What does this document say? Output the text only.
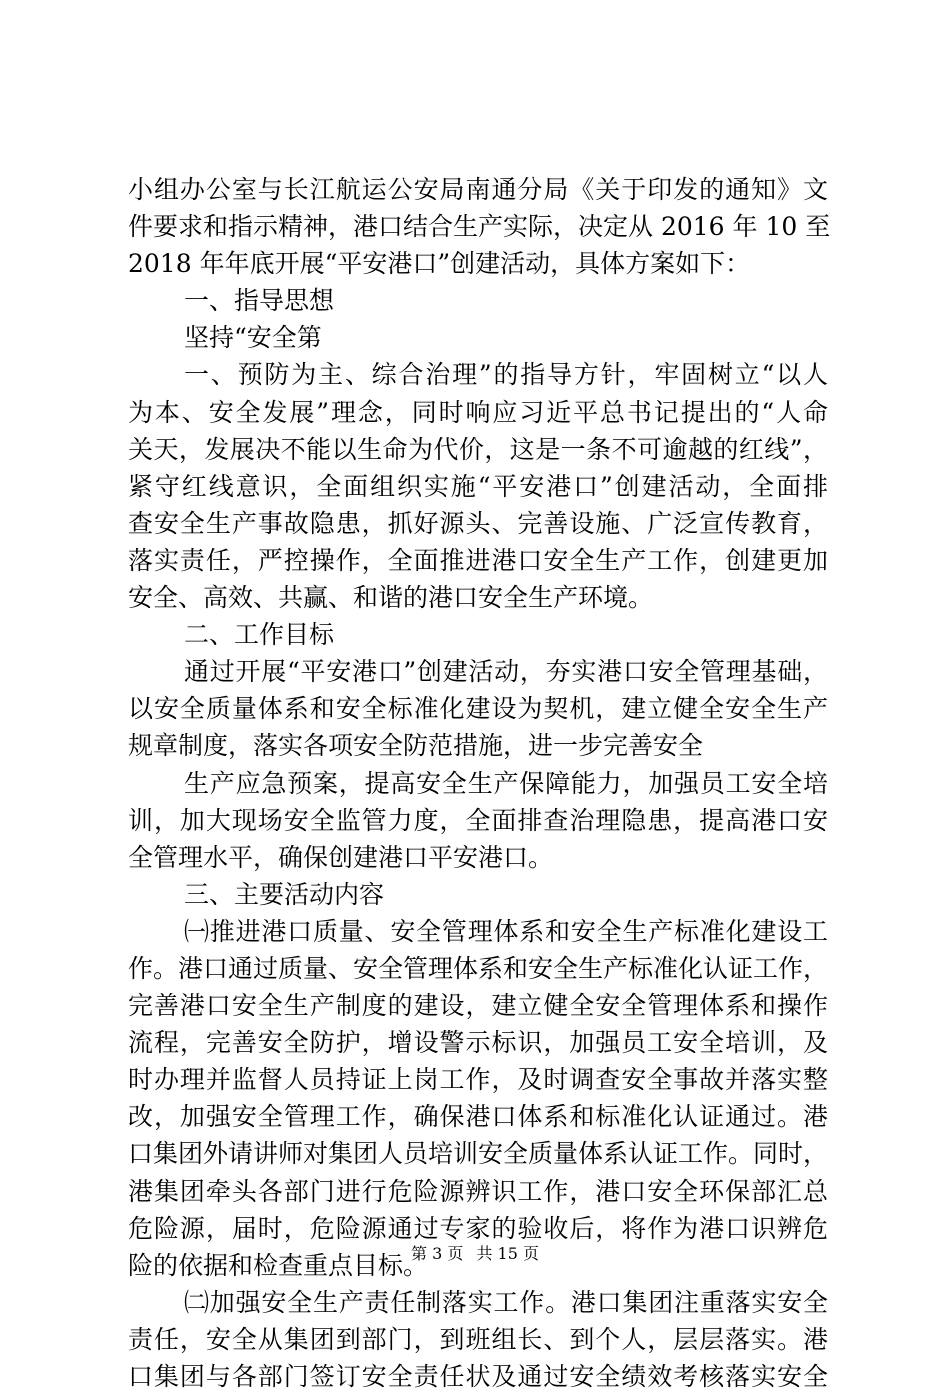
小组办公室与长江航运公安局南通分局《关于印发的通知》文
件要求和指示精神，港口结合生产实际，决定从 2016 年 10 至
2018 年年底开展“平安港口”创建活动，具体方案如下：
一、指导思想
坚持“安全第
一、预防为主、综合治理”的指导方针，牢固树立“以人
为本、安全发展”理念，同时响应习近平总书记提出的“人命
关天，发展决不能以生命为代价，这是一条不可逾越的红线”，
紧守红线意识，全面组织实施“平安港口”创建活动，全面排
查安全生产事故隐患，抓好源头、完善设施、广泛宣传教育，
落实责任，严控操作，全面推进港口安全生产工作，创建更加
安全、高效、共赢、和谐的港口安全生产环境。
二、工作目标
通过开展“平安港口”创建活动，夯实港口安全管理基础，
以安全质量体系和安全标准化建设为契机，建立健全安全生产
规章制度，落实各项安全防范措施，进一步完善安全
生产应急预案，提高安全生产保障能力，加强员工安全培
训，加大现场安全监管力度，全面排查治理隐患，提高港口安
全管理水平，确保创建港口平安港口。
三、主要活动内容
㈠推进港口质量、安全管理体系和安全生产标准化建设工
作。港口通过质量、安全管理体系和安全生产标准化认证工作，
完善港口安全生产制度的建设，建立健全安全管理体系和操作
流程，完善安全防护，增设警示标识，加强员工安全培训，及
时办理并监督人员持证上岗工作，及时调查安全事故并落实整
改，加强安全管理工作，确保港口体系和标准化认证通过。港
口集团外请讲师对集团人员培训安全质量体系认证工作。同时，
港集团牵头各部门进行危险源辨识工作，港口安全环保部汇总
危险源，届时，危险源通过专家的验收后，将作为港口识辨危
险的依据和检查重点目标。
㈡加强安全生产责任制落实工作。港口集团注重落实安全
责任，安全从集团到部门，到班组长、到个人，层层落实。港
口集团与各部门签订安全责任状及通过安全绩效考核落实安全
第 3 页 共 15 页
